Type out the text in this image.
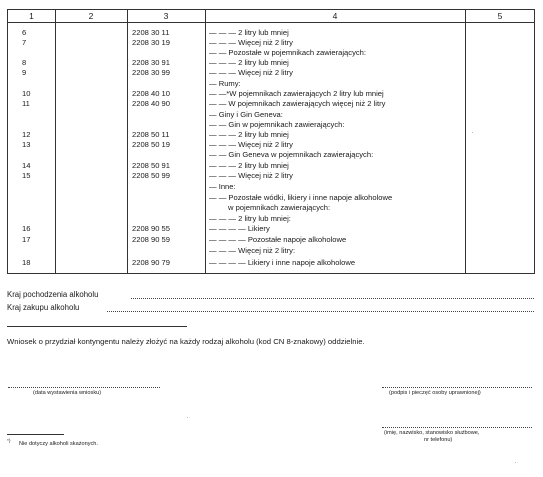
1	2	3	4	5
6	2208 30 11	— — — 2 litry lub mniej
7	2208 30 19	— — — Więcej niż 2 litry
— — Pozostałe w pojemnikach zawierających:
8	2208 30 91	— — — 2 litry lub mniej
9	2208 30 99	— — — Więcej niż 2 litry
— Rumy:
10	2208 40 10	— —*W pojemnikach zawierających 2 litry lub mniej
11	2208 40 90	— — W pojemnikach zawierających więcej niż 2 litry
— Giny i Gin Geneva:
— — Gin w pojemnikach zawierających:
12	2208 50 11	— — — 2 litry lub mniej
13	2208 50 19	— — — Więcej niż 2 litry
— — Gin Geneva w pojemnikach zawierających:
14	2208 50 91	— — — 2 litry lub mniej
15	2208 50 99	— — — Więcej niż 2 litry
— Inne:
— — Pozostałe wódki, likiery i inne napoje alkoholowe
w pojemnikach zawierających:
— — — 2 litry lub mniej:
16	2208 90 55	— — — — Likiery
17	2208 90 59	— — — — Pozostałe napoje alkoholowe
— — — Więcej niż 2 litry:
18	2208 90 79	— — — — Likiery i inne napoje alkoholowe
Kraj pochodzenia alkoholu
Kraj zakupu alkoholu
Wniosek o przydział kontyngentu należy złożyć na każdy rodzaj alkoholu (kod CN 8-znakowy) oddzielnie.
(data wystawienia wniosku)	(podpis i pieczęć osoby uprawnionej)
(imię, nazwisko, stanowisko służbowe,
nr telefonu)
*) Nie dotyczy alkoholi skażonych.
